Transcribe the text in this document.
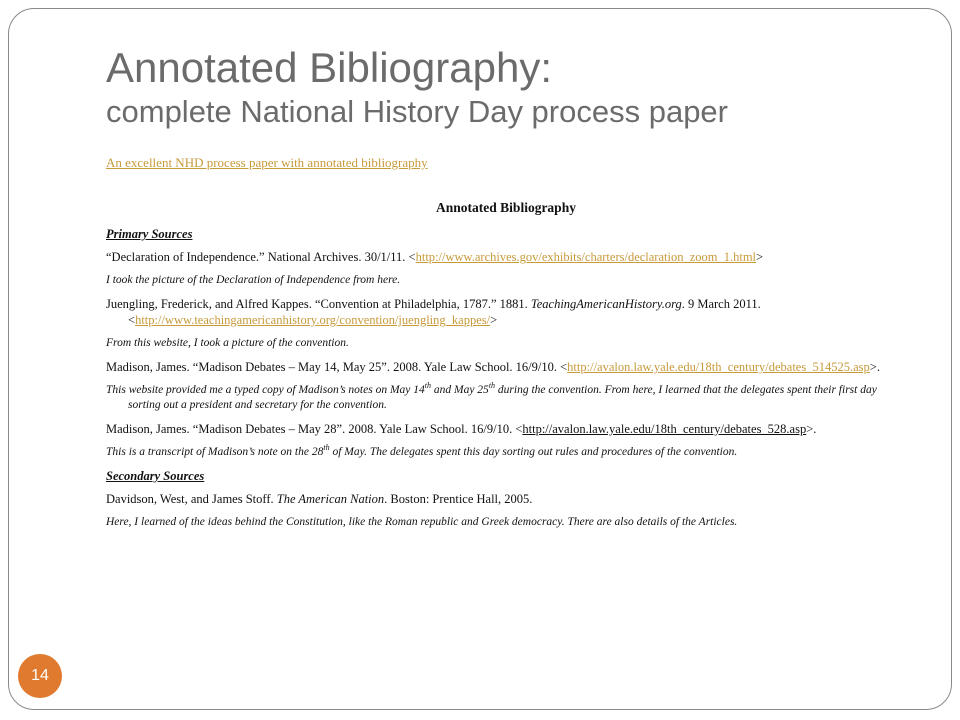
Annotated Bibliography:
complete National History Day process paper
An excellent NHD process paper with annotated bibliography

Annotated Bibliography

Primary Sources

“Declaration of Independence.” National Archives. 30/1/11. <http://www.archives.gov/exhibits/charters/declaration_zoom_1.html>

I took the picture of the Declaration of Independence from here.

Juengling, Frederick, and Alfred Kappes. “Convention at Philadelphia, 1787.” 1881. TeachingAmericanHistory.org. 9 March 2011. <http://www.teachingamericanhistory.org/convention/juengling_kappes/>

From this website, I took a picture of the convention.

Madison, James. “Madison Debates – May 14, May 25”. 2008. Yale Law School. 16/9/10. <http://avalon.law.yale.edu/18th_century/debates_514525.asp>.

This website provided me a typed copy of Madison’s notes on May 14th and May 25th during the convention. From here, I learned that the delegates spent their first day sorting out a president and secretary for the convention.

Madison, James. “Madison Debates – May 28”. 2008. Yale Law School. 16/9/10. <http://avalon.law.yale.edu/18th_century/debates_528.asp>.

This is a transcript of Madison’s note on the 28th of May. The delegates spent this day sorting out rules and procedures of the convention.

Secondary Sources

Davidson, West, and James Stoff. The American Nation. Boston: Prentice Hall, 2005.

Here, I learned of the ideas behind the Constitution, like the Roman republic and Greek democracy. There are also details of the Articles.

14
